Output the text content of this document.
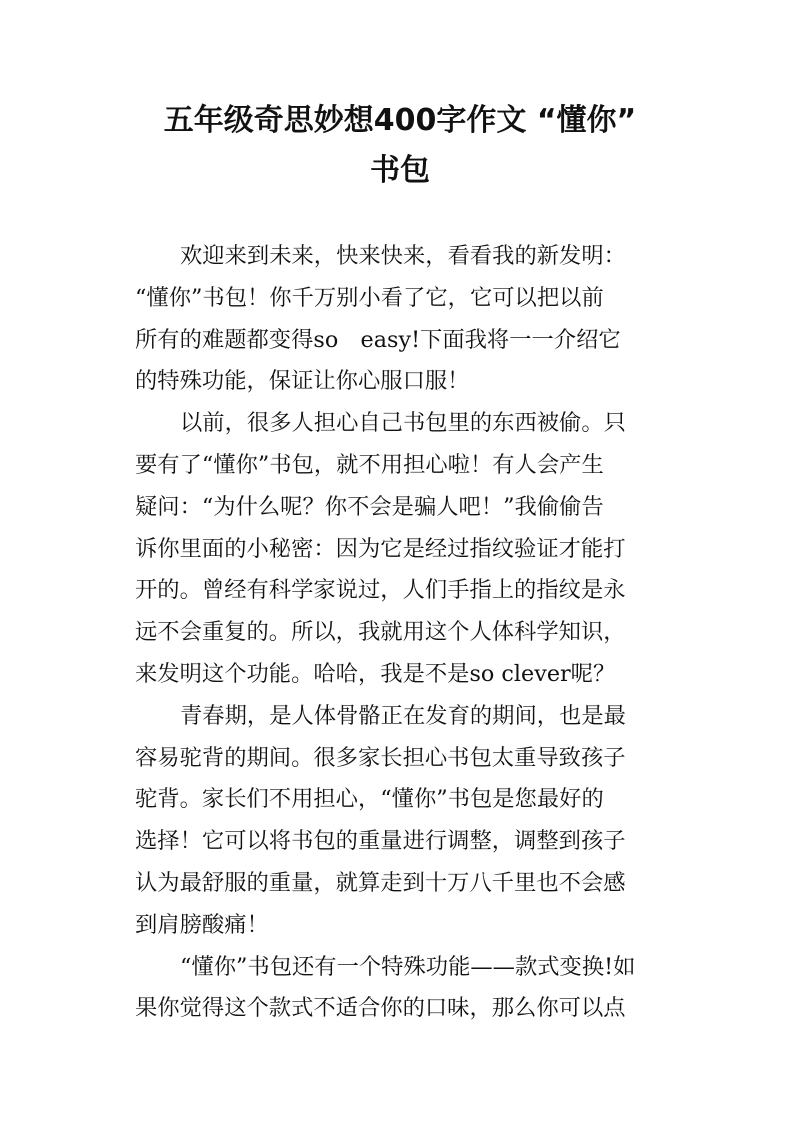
五年级奇思妙想400字作文 “懂你”
书包
欢迎来到未来，快来快来，看看我的新发明：
“懂你”书包！你千万别小看了它，它可以把以前
所有的难题都变得so　easy!下面我将一一介绍它
的特殊功能，保证让你心服口服！
以前，很多人担心自己书包里的东西被偷。只
要有了“懂你”书包，就不用担心啦！有人会产生
疑问：“为什么呢？你不会是骗人吧！”我偷偷告
诉你里面的小秘密：因为它是经过指纹验证才能打
开的。曾经有科学家说过，人们手指上的指纹是永
远不会重复的。所以，我就用这个人体科学知识，
来发明这个功能。哈哈，我是不是so clever呢？
青春期，是人体骨骼正在发育的期间，也是最
容易驼背的期间。很多家长担心书包太重导致孩子
驼背。家长们不用担心，“懂你”书包是您最好的
选择！它可以将书包的重量进行调整，调整到孩子
认为最舒服的重量，就算走到十万八千里也不会感
到肩膀酸痛！
“懂你”书包还有一个特殊功能——款式变换!如
果你觉得这个款式不适合你的口味，那么你可以点
